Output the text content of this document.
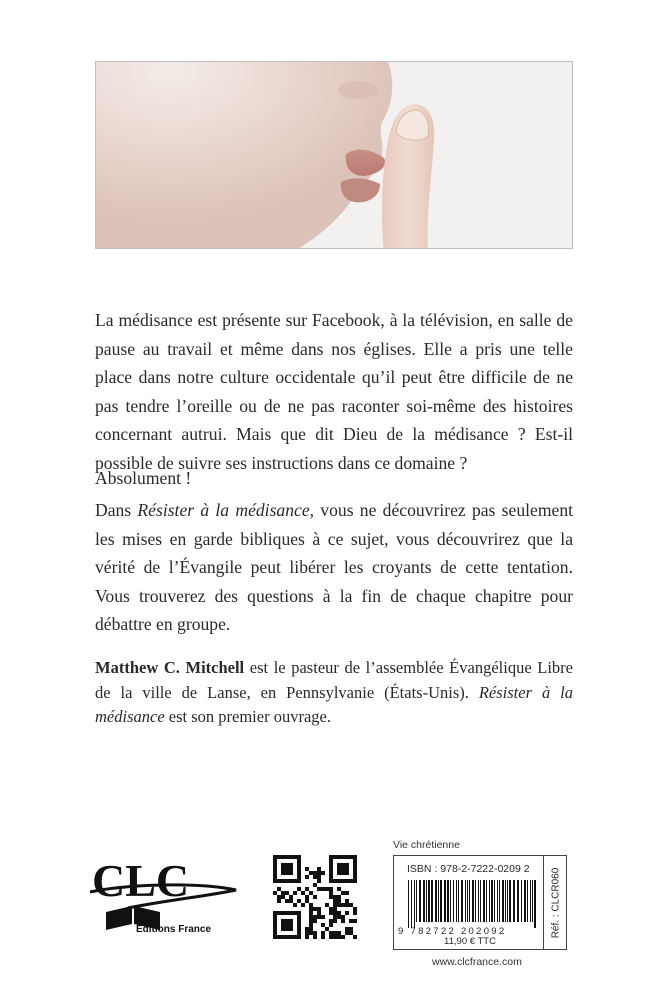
La médisance est présente sur Facebook, à la télévision, en salle de pause au travail et même dans nos églises. Elle a pris une telle place dans notre culture occidentale qu’il peut être difficile de ne pas tendre l’oreille ou de ne pas raconter soi-même des histoires concernant autrui. Mais que dit Dieu de la médisance ? Est-il possible de suivre ses instructions dans ce domaine ?

Absolument !

Dans Résister à la médisance, vous ne découvrirez pas seulement les mises en garde bibliques à ce sujet, vous découvrirez que la vérité de l’Évangile peut libérer les croyants de cette tentation. Vous trouverez des questions à la fin de chaque chapitre pour débattre en groupe.

Matthew C. Mitchell est le pasteur de l’assemblée Évangélique Libre de la ville de Lanse, en Pennsylvanie (États-Unis). Résister à la médisance est son premier ouvrage.

CLC
Éditions France
Vie chrétienne
ISBN : 978-2-7222-0209 2
9 782722 202092
11,90 € TTC
Réf. : CLCR060
www.clcfrance.com
